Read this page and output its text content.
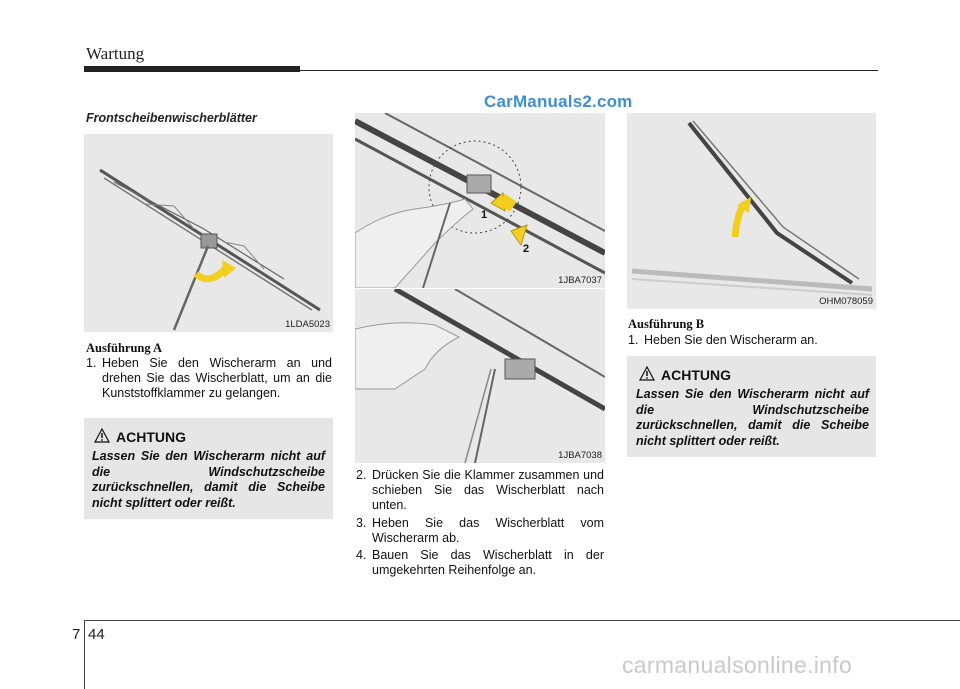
Wartung
CarManuals2.com
Frontscheibenwischerblätter
1LDA5023
Ausführung A
1. Heben Sie den Wischerarm an und drehen Sie das Wischerblatt, um an die Kunststoffklammer zu gelangen.
ACHTUNG
Lassen Sie den Wischerarm nicht auf die Windschutzscheibe zurückschnellen, damit die Scheibe nicht splittert oder reißt.
1
2
1JBA7037
1JBA7038
2. Drücken Sie die Klammer zusammen und schieben Sie das Wischerblatt nach unten.
3. Heben Sie das Wischerblatt vom Wischerarm ab.
4. Bauen Sie das Wischerblatt in der umgekehrten Reihenfolge an.
OHM078059
Ausführung B
1. Heben Sie den Wischerarm an.
ACHTUNG
Lassen Sie den Wischerarm nicht auf die Windschutzscheibe zurückschnellen, damit die Scheibe nicht splittert oder reißt.
7 44
carmanualsonline.info
